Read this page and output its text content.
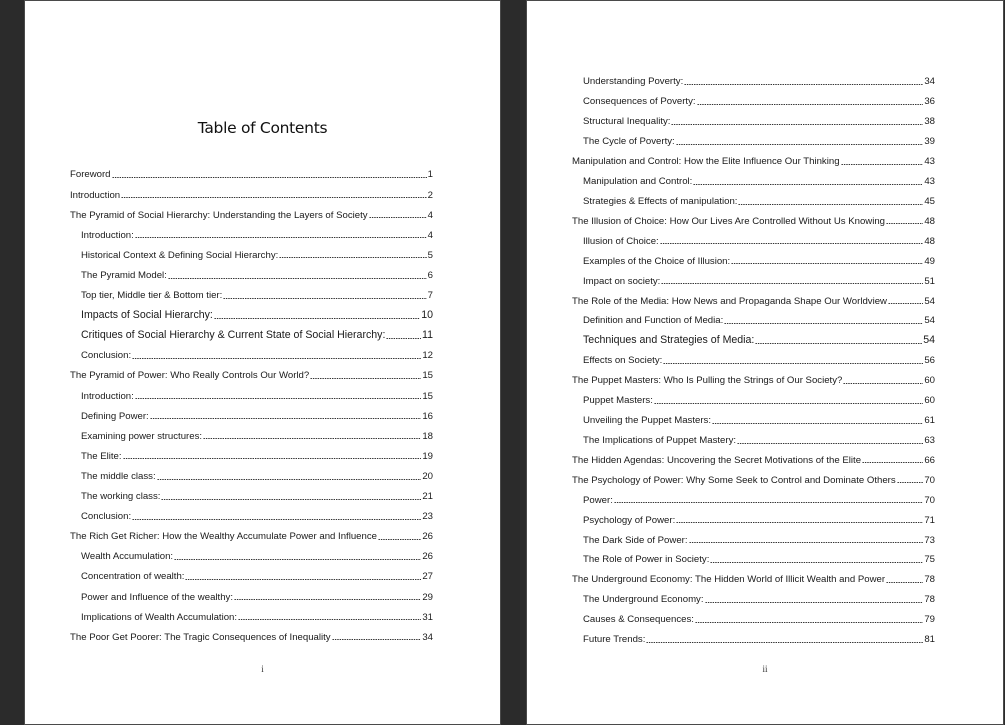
Table of Contents
Foreword	1
Introduction	2
The Pyramid of Social Hierarchy: Understanding the Layers of Society	4
Introduction:	4
Historical Context & Defining Social Hierarchy:	5
The Pyramid Model:	6
Top tier, Middle tier & Bottom tier:	7
Impacts of Social Hierarchy:	10
Critiques of Social Hierarchy & Current State of Social Hierarchy:	11
Conclusion:	12
The Pyramid of Power: Who Really Controls Our World?	15
Introduction:	15
Defining Power:	16
Examining power structures:	18
The Elite:	19
The middle class:	20
The working class:	21
Conclusion:	23
The Rich Get Richer: How the Wealthy Accumulate Power and Influence	26
Wealth Accumulation:	26
Concentration of wealth:	27
Power and Influence of the wealthy:	29
Implications of Wealth Accumulation:	31
The Poor Get Poorer: The Tragic Consequences of Inequality	34
i
Understanding Poverty:	34
Consequences of Poverty:	36
Structural Inequality:	38
The Cycle of Poverty:	39
Manipulation and Control: How the Elite Influence Our Thinking	43
Manipulation and Control:	43
Strategies & Effects of manipulation:	45
The Illusion of Choice: How Our Lives Are Controlled Without Us Knowing	48
Illusion of Choice:	48
Examples of the Choice of Illusion:	49
Impact on society:	51
The Role of the Media: How News and Propaganda Shape Our Worldview	54
Definition and Function of Media:	54
Techniques and Strategies of Media:	54
Effects on Society:	56
The Puppet Masters: Who Is Pulling the Strings of Our Society?	60
Puppet Masters:	60
Unveiling the Puppet Masters:	61
The Implications of Puppet Mastery:	63
The Hidden Agendas: Uncovering the Secret Motivations of the Elite	66
The Psychology of Power: Why Some Seek to Control and Dominate Others	70
Power:	70
Psychology of Power:	71
The Dark Side of Power:	73
The Role of Power in Society:	75
The Underground Economy: The Hidden World of Illicit Wealth and Power	78
The Underground Economy:	78
Causes & Consequences:	79
Future Trends:	81
ii
